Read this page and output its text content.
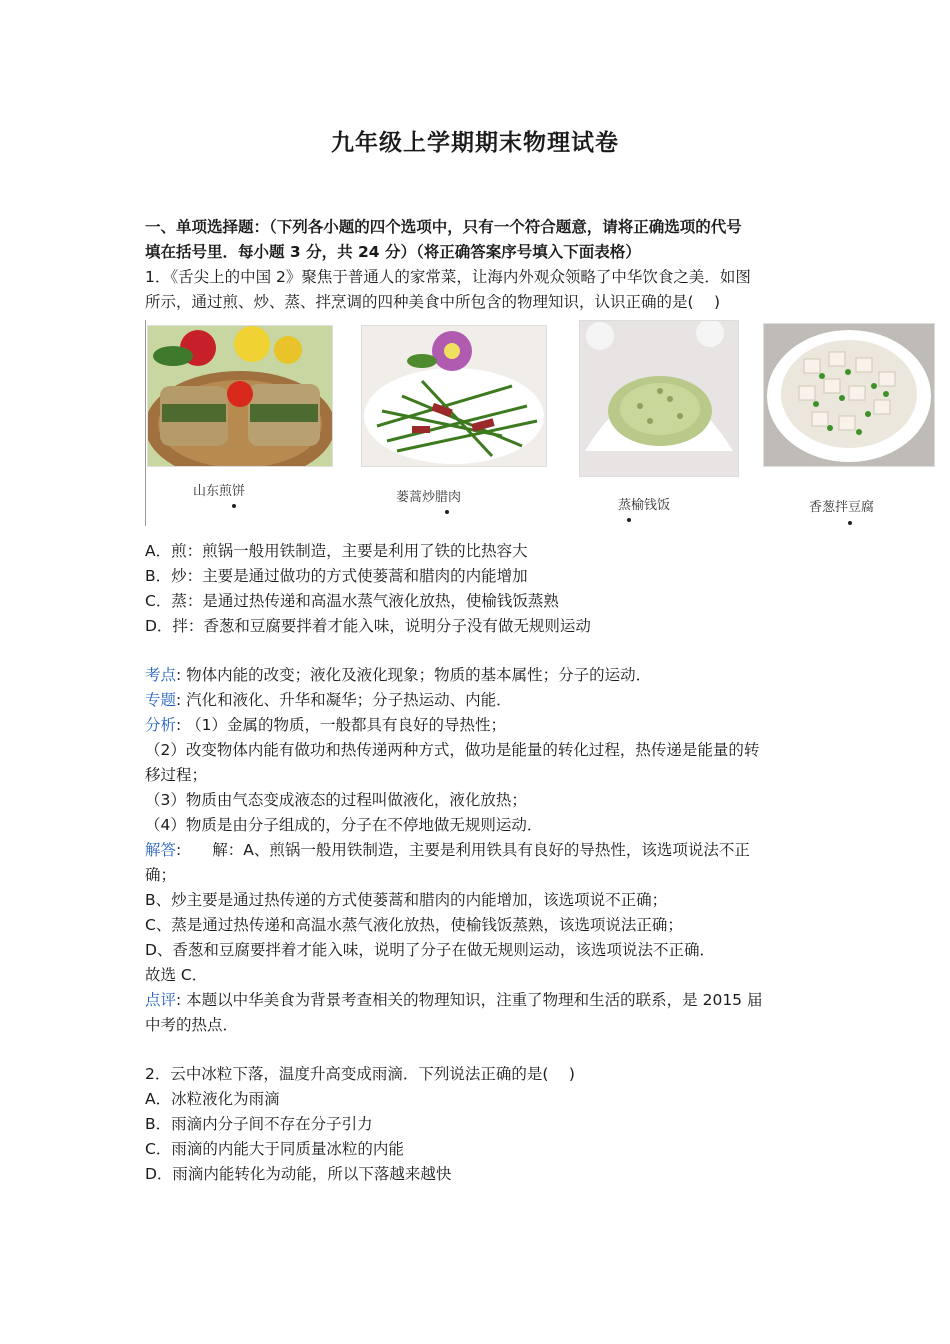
九年级上学期期末物理试卷
一、单项选择题：（下列各小题的四个选项中，只有一个符合题意，请将正确选项的代号
填在括号里．每小题 3 分，共 24 分）（将正确答案序号填入下面表格）
1．《舌尖上的中国 2》聚焦于普通人的家常菜，让海内外观众领略了中华饮食之美．如图
所示，通过煎、炒、蒸、拌烹调的四种美食中所包含的物理知识，认识正确的是(　 )
山东煎饼	蒌蒿炒腊肉
蒸榆钱饭	香葱拌豆腐
A．煎：煎锅一般用铁制造，主要是利用了铁的比热容大
B．炒：主要是通过做功的方式使蒌蒿和腊肉的内能增加
C．蒸：是通过热传递和高温水蒸气液化放热，使榆钱饭蒸熟
D．拌：香葱和豆腐要拌着才能入味，说明分子没有做无规则运动
考点: 物体内能的改变；液化及液化现象；物质的基本属性；分子的运动．
专题: 汽化和液化、升华和凝华；分子热运动、内能．
分析: （1）金属的物质，一般都具有良好的导热性；
（2）改变物体内能有做功和热传递两种方式，做功是能量的转化过程，热传递是能量的转
移过程；
（3）物质由气态变成液态的过程叫做液化，液化放热；
（4）物质是由分子组成的，分子在不停地做无规则运动．
解答:　　解：A、煎锅一般用铁制造，主要是利用铁具有良好的导热性，该选项说法不正
确；
B、炒主要是通过热传递的方式使蒌蒿和腊肉的内能增加，该选项说不正确；
C、蒸是通过热传递和高温水蒸气液化放热，使榆钱饭蒸熟，该选项说法正确；
D、香葱和豆腐要拌着才能入味，说明了分子在做无规则运动，该选项说法不正确．
故选 C．
点评: 本题以中华美食为背景考查相关的物理知识，注重了物理和生活的联系，是 2015 届
中考的热点．
2．云中冰粒下落，温度升高变成雨滴．下列说法正确的是(　 )
A．冰粒液化为雨滴
B．雨滴内分子间不存在分子引力
C．雨滴的内能大于同质量冰粒的内能
D．雨滴内能转化为动能，所以下落越来越快
